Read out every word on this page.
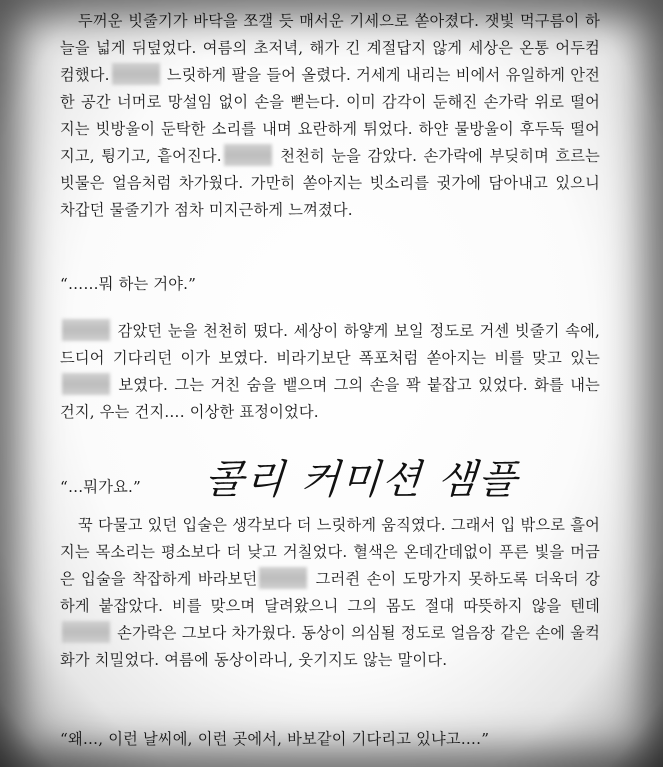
두꺼운 빗줄기가 바닥을 쪼갤 듯 매서운 기세으로 쏟아졌다. 잿빛 먹구름이 하늘을 넓게 뒤덮었다. 여름의 초저녁, 해가 긴 계절답지 않게 세상은 온통 어두컴컴했다.	느릿하게 팔을 들어 올렸다. 거세게 내리는 비에서 유일하게 안전한 공간 너머로 망설임 없이 손을 뻗는다. 이미 감각이 둔해진 손가락 위로 떨어지는 빗방울이 둔탁한 소리를 내며 요란하게 튀었다. 하얀 물방울이 후두둑 떨어지고, 튕기고, 흩어진다.	천천히 눈을 감았다. 손가락에 부딪히며 흐르는 빗물은 얼음처럼 차가웠다. 가만히 쏟아지는 빗소리를 귓가에 담아내고 있으니 차갑던 물줄기가 점차 미지근하게 느껴졌다.

“……뭐 하는 거야.”

감았던 눈을 천천히 떴다. 세상이 하얗게 보일 정도로 거센 빗줄기 속에, 드디어 기다리던 이가 보였다. 비라기보단 폭포처럼 쏟아지는 비를 맞고 있는 보였다. 그는 거친 숨을 뱉으며 그의 손을 꽉 붙잡고 있었다. 화를 내는 건지, 우는 건지…. 이상한 표정이었다.

“…뭐가요.”

꾹 다물고 있던 입술은 생각보다 더 느릿하게 움직였다. 그래서 입 밖으로 흘어지는 목소리는 평소보다 더 낮고 거칠었다. 혈색은 온데간데없이 푸른 빛을 머금은 입술을 착잡하게 바라보던	그러쥔 손이 도망가지 못하도록 더욱더 강하게 붙잡았다. 비를 맞으며 달려왔으니 그의 몸도 절대 따뜻하지 않을 텐데 손가락은 그보다 차가웠다. 동상이 의심될 정도로 얼음장 같은 손에 울컥 화가 치밀었다. 여름에 동상이라니, 웃기지도 않는 말이다.

“왜…, 이런 날씨에, 이런 곳에서, 바보같이 기다리고 있냐고….”

콜리 커미션 샘플
